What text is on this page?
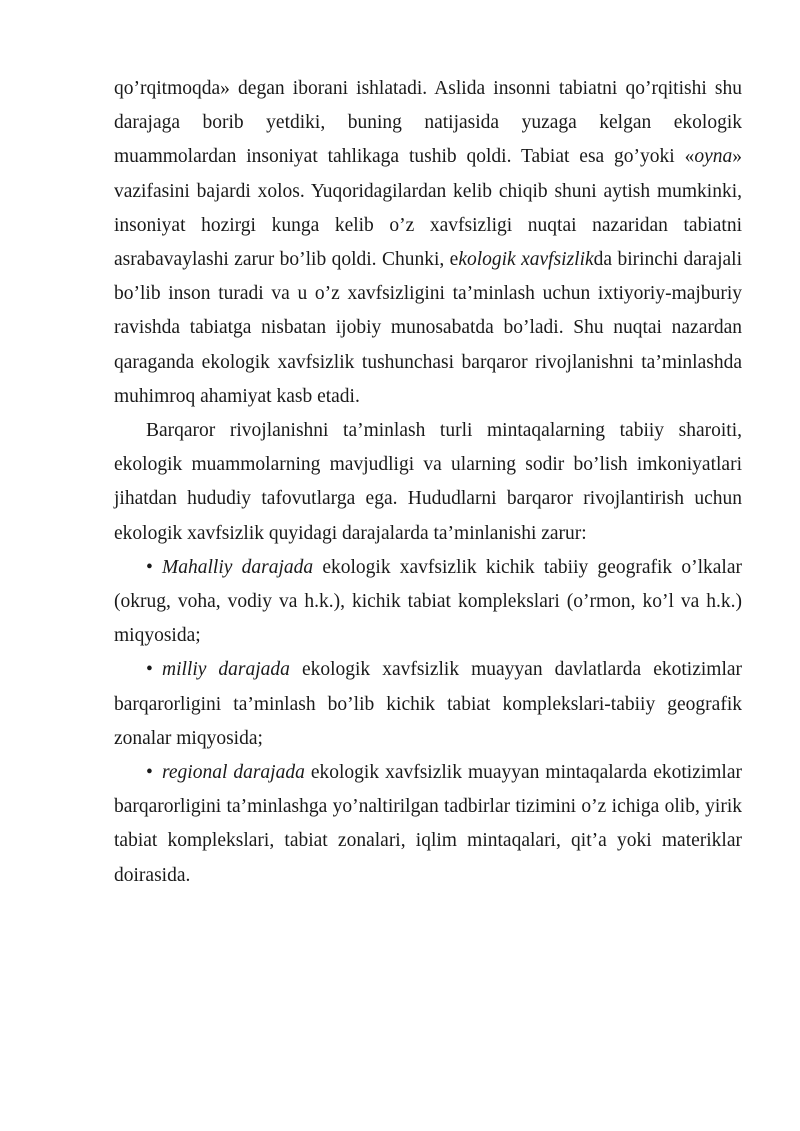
qo’rqitmoqda» degan iborani ishlatadi. Aslida insonni tabiatni qo’rqitishi shu darajaga borib yetdiki, buning natijasida yuzaga kelgan ekologik muammolardan insoniyat tahlikaga tushib qoldi. Tabiat esa go’yoki «oyna» vazifasini bajardi xolos. Yuqoridagilardan kelib chiqib shuni aytish mumkinki, insoniyat hozirgi kunga kelib o’z xavfsizligi nuqtai nazaridan tabiatni asrabavaylashi zarur bo’lib qoldi. Chunki, ekologik xavfsizlikda birinchi darajali bo’lib inson turadi va u o’z xavfsizligini ta’minlash uchun ixtiyoriy-majburiy ravishda tabiatga nisbatan ijobiy munosabatda bo’ladi. Shu nuqtai nazardan qaraganda ekologik xavfsizlik tushunchasi barqaror rivojlanishni ta’minlashda muhimroq ahamiyat kasb etadi.

Barqaror rivojlanishni ta’minlash turli mintaqalarning tabiiy sharoiti, ekologik muammolarning mavjudligi va ularning sodir bo’lish imkoniyatlari jihatdan hududiy tafovutlarga ega. Hududlarni barqaror rivojlantirish uchun ekologik xavfsizlik quyidagi darajalarda ta’minlanishi zarur:

• Mahalliy darajada ekologik xavfsizlik kichik tabiiy geografik o’lkalar (okrug, voha, vodiy va h.k.), kichik tabiat komplekslari (o’rmon, ko’l va h.k.) miqyosida;

• milliy darajada ekologik xavfsizlik muayyan davlatlarda ekotizimlar barqarorligini ta’minlash bo’lib kichik tabiat komplekslari-tabiiy geografik zonalar miqyosida;

• regional darajada ekologik xavfsizlik muayyan mintaqalarda ekotizimlar barqarorligini ta’minlashga yo’naltirilgan tadbirlar tizimini o’z ichiga olib, yirik tabiat komplekslari, tabiat zonalari, iqlim mintaqalari, qit’a yoki materiklar doirasida.
